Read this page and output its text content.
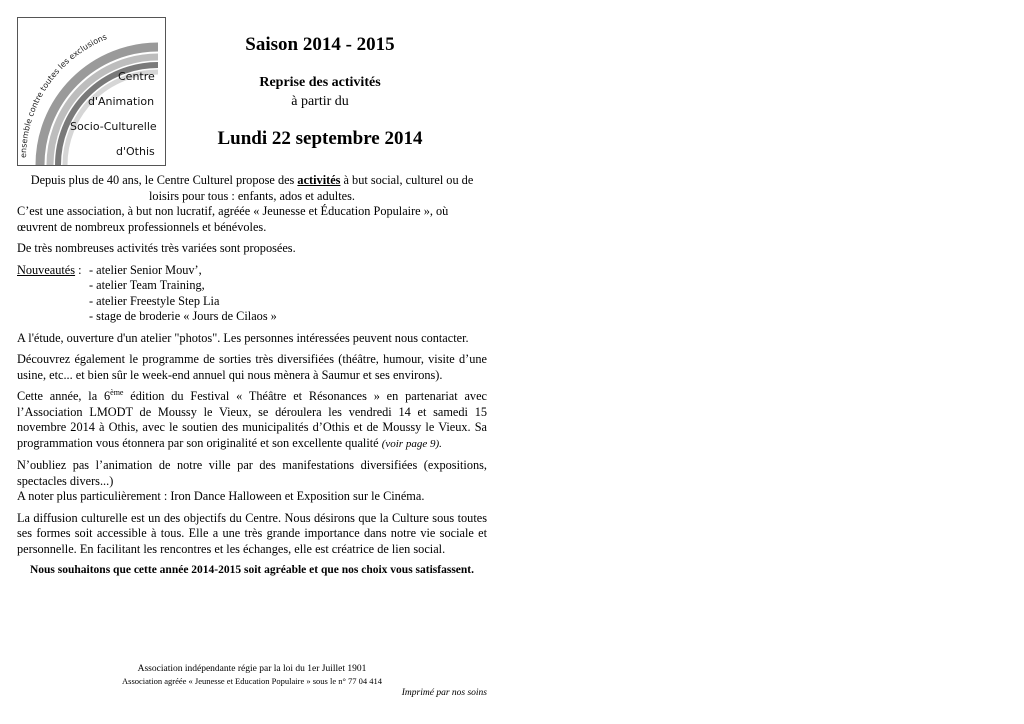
ensemble contre toutes les exclusions
Centre
d'Animation
Socio-Culturelle
d'Othis
Saison 2014 - 2015
Reprise des activités
à partir du
Lundi 22 septembre 2014

Depuis plus de 40 ans, le Centre Culturel propose des activités à but social, culturel ou de loisirs pour tous : enfants, ados et adultes.

C’est une association, à but non lucratif, agréée « Jeunesse et Éducation Populaire », où œuvrent de nombreux professionnels et bénévoles.

De très nombreuses activités très variées sont proposées.

Nouveautés : - atelier Senior Mouv’,
- atelier Team Training,
- atelier Freestyle Step Lia
- stage de broderie « Jours de Cilaos »

A l'étude, ouverture d'un atelier "photos". Les personnes intéressées peuvent nous contacter.

Découvrez également le programme de sorties très diversifiées (théâtre, humour, visite d’une usine, etc... et bien sûr le week-end annuel qui nous mènera à Saumur et ses environs).

Cette année, la 6ème édition du Festival « Théâtre et Résonances » en partenariat avec l’Association LMODT de Moussy le Vieux, se déroulera les vendredi 14 et samedi 15 novembre 2014 à Othis, avec le soutien des municipalités d’Othis et de Moussy le Vieux. Sa programmation vous étonnera par son originalité et son excellente qualité (voir page 9).

N’oubliez pas l’animation de notre ville par des manifestations diversifiées (expositions, spectacles divers...)
A noter plus particulièrement : Iron Dance Halloween et Exposition sur le Cinéma.

La diffusion culturelle est un des objectifs du Centre. Nous désirons que la Culture sous toutes ses formes soit accessible à tous. Elle a une très grande importance dans notre vie sociale et personnelle. En facilitant les rencontres et les échanges, elle est créatrice de lien social.

Nous souhaitons que cette année 2014-2015 soit agréable et que nos choix vous satisfassent.

Association indépendante régie par la loi du 1er Juillet 1901
Association agréée « Jeunesse et Education Populaire » sous le n° 77 04 414
Imprimé par nos soins
